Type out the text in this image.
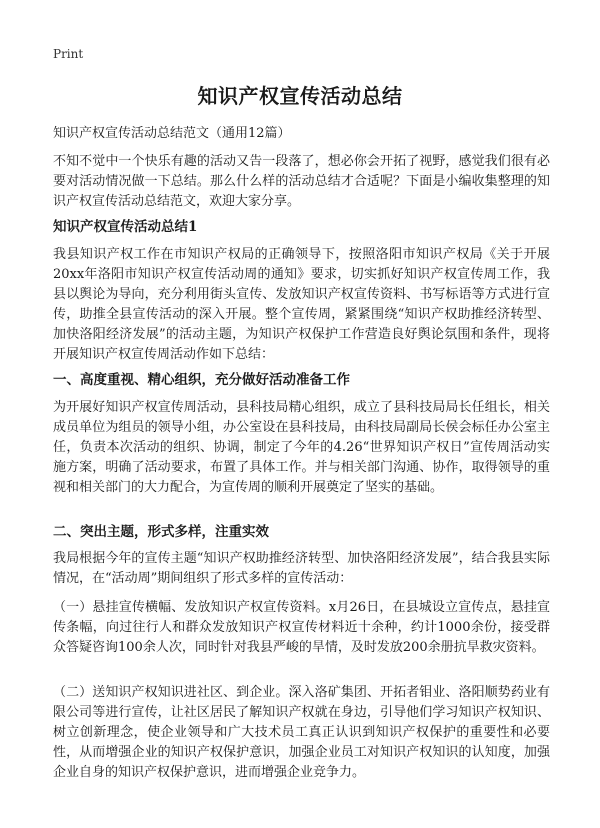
Print
知识产权宣传活动总结

知识产权宣传活动总结范文（通用12篇）

不知不觉中一个快乐有趣的活动又告一段落了，想必你会开拓了视野，感觉我们很有必要对活动情况做一下总结。那么什么样的活动总结才合适呢？下面是小编收集整理的知识产权宣传活动总结范文，欢迎大家分享。

知识产权宣传活动总结1

我县知识产权工作在市知识产权局的正确领导下，按照洛阳市知识产权局《关于开展20xx年洛阳市知识产权宣传活动周的通知》要求，切实抓好知识产权宣传周工作，我县以舆论为导向，充分利用街头宣传、发放知识产权宣传资料、书写标语等方式进行宣传，助推全县宣传活动的深入开展。整个宣传周，紧紧围绕“知识产权助推经济转型、加快洛阳经济发展”的活动主题，为知识产权保护工作营造良好舆论氛围和条件，现将开展知识产权宣传周活动作如下总结：

一、高度重视、精心组织，充分做好活动准备工作

为开展好知识产权宣传周活动，县科技局精心组织，成立了县科技局局长任组长，相关成员单位为组员的领导小组，办公室设在县科技局，由科技局副局长侯会标任办公室主任，负责本次活动的组织、协调，制定了今年的4.26“世界知识产权日”宣传周活动实施方案，明确了活动要求，布置了具体工作。并与相关部门沟通、协作，取得领导的重视和相关部门的大力配合，为宣传周的顺利开展奠定了坚实的基础。

二、突出主题，形式多样，注重实效

我局根据今年的宣传主题“知识产权助推经济转型、加快洛阳经济发展”，结合我县实际情况，在“活动周”期间组织了形式多样的宣传活动：

（一）悬挂宣传横幅、发放知识产权宣传资料。x月26日，在县城设立宣传点，悬挂宣传条幅，向过往行人和群众发放知识产权宣传材料近十余种，约计1000余份，接受群众答疑咨询100余人次，同时针对我县严峻的旱情，及时发放200余册抗旱救灾资料。

（二）送知识产权知识进社区、到企业。深入洛矿集团、开拓者钼业、洛阳顺势药业有限公司等进行宣传，让社区居民了解知识产权就在身边，引导他们学习知识产权知识、树立创新理念，使企业领导和广大技术员工真正认识到知识产权保护的重要性和必要性，从而增强企业的知识产权保护意识，加强企业员工对知识产权知识的认知度，加强企业自身的知识产权保护意识，进而增强企业竞争力。
